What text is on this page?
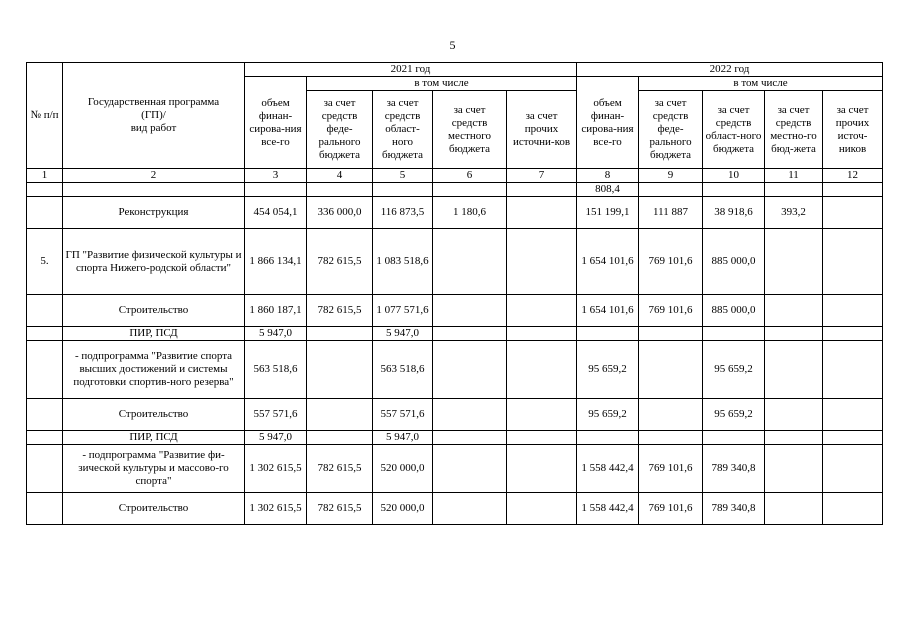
5
№ п/п	Государственная программа
(ГП)/
вид работ	2021 год					2022 год				
		объем финан-сирова-ния все-го	в том числе				объем финан-сирова-ния все-го	в том числе			
			за счет средств феде-рального бюджета	за счет средств област-ного бюджета	за счет средств местного бюджета	за счет прочих источни-ков		за счет средств феде-рального бюджета	за счет средств област-ного бюджета	за счет средств местно-го бюд-жета	за счет прочих источ-ников
1	2	3	4	5	6	7	8	9	10	11	12
							808,4				
	Реконструкция	454 054,1	336 000,0	116 873,5	1 180,6		151 199,1	111 887	38 918,6	393,2	
5.	ГП "Развитие физической культуры и спорта Нижего-родской области"	1 866 134,1	782 615,5	1 083 518,6			1 654 101,6	769 101,6	885 000,0		
	Строительство	1 860 187,1	782 615,5	1 077 571,6			1 654 101,6	769 101,6	885 000,0		
	ПИР, ПСД	5 947,0		5 947,0							
	- подпрограмма "Развитие спорта высших достижений и системы подготовки спортив-ного резерва"	563 518,6		563 518,6			95 659,2		95 659,2		
	Строительство	557 571,6		557 571,6			95 659,2		95 659,2		
	ПИР, ПСД	5 947,0		5 947,0							
	- подпрограмма "Развитие фи-зической культуры и массово-го спорта"	1 302 615,5	782 615,5	520 000,0			1 558 442,4	769 101,6	789 340,8		
	Строительство	1 302 615,5	782 615,5	520 000,0			1 558 442,4	769 101,6	789 340,8		
